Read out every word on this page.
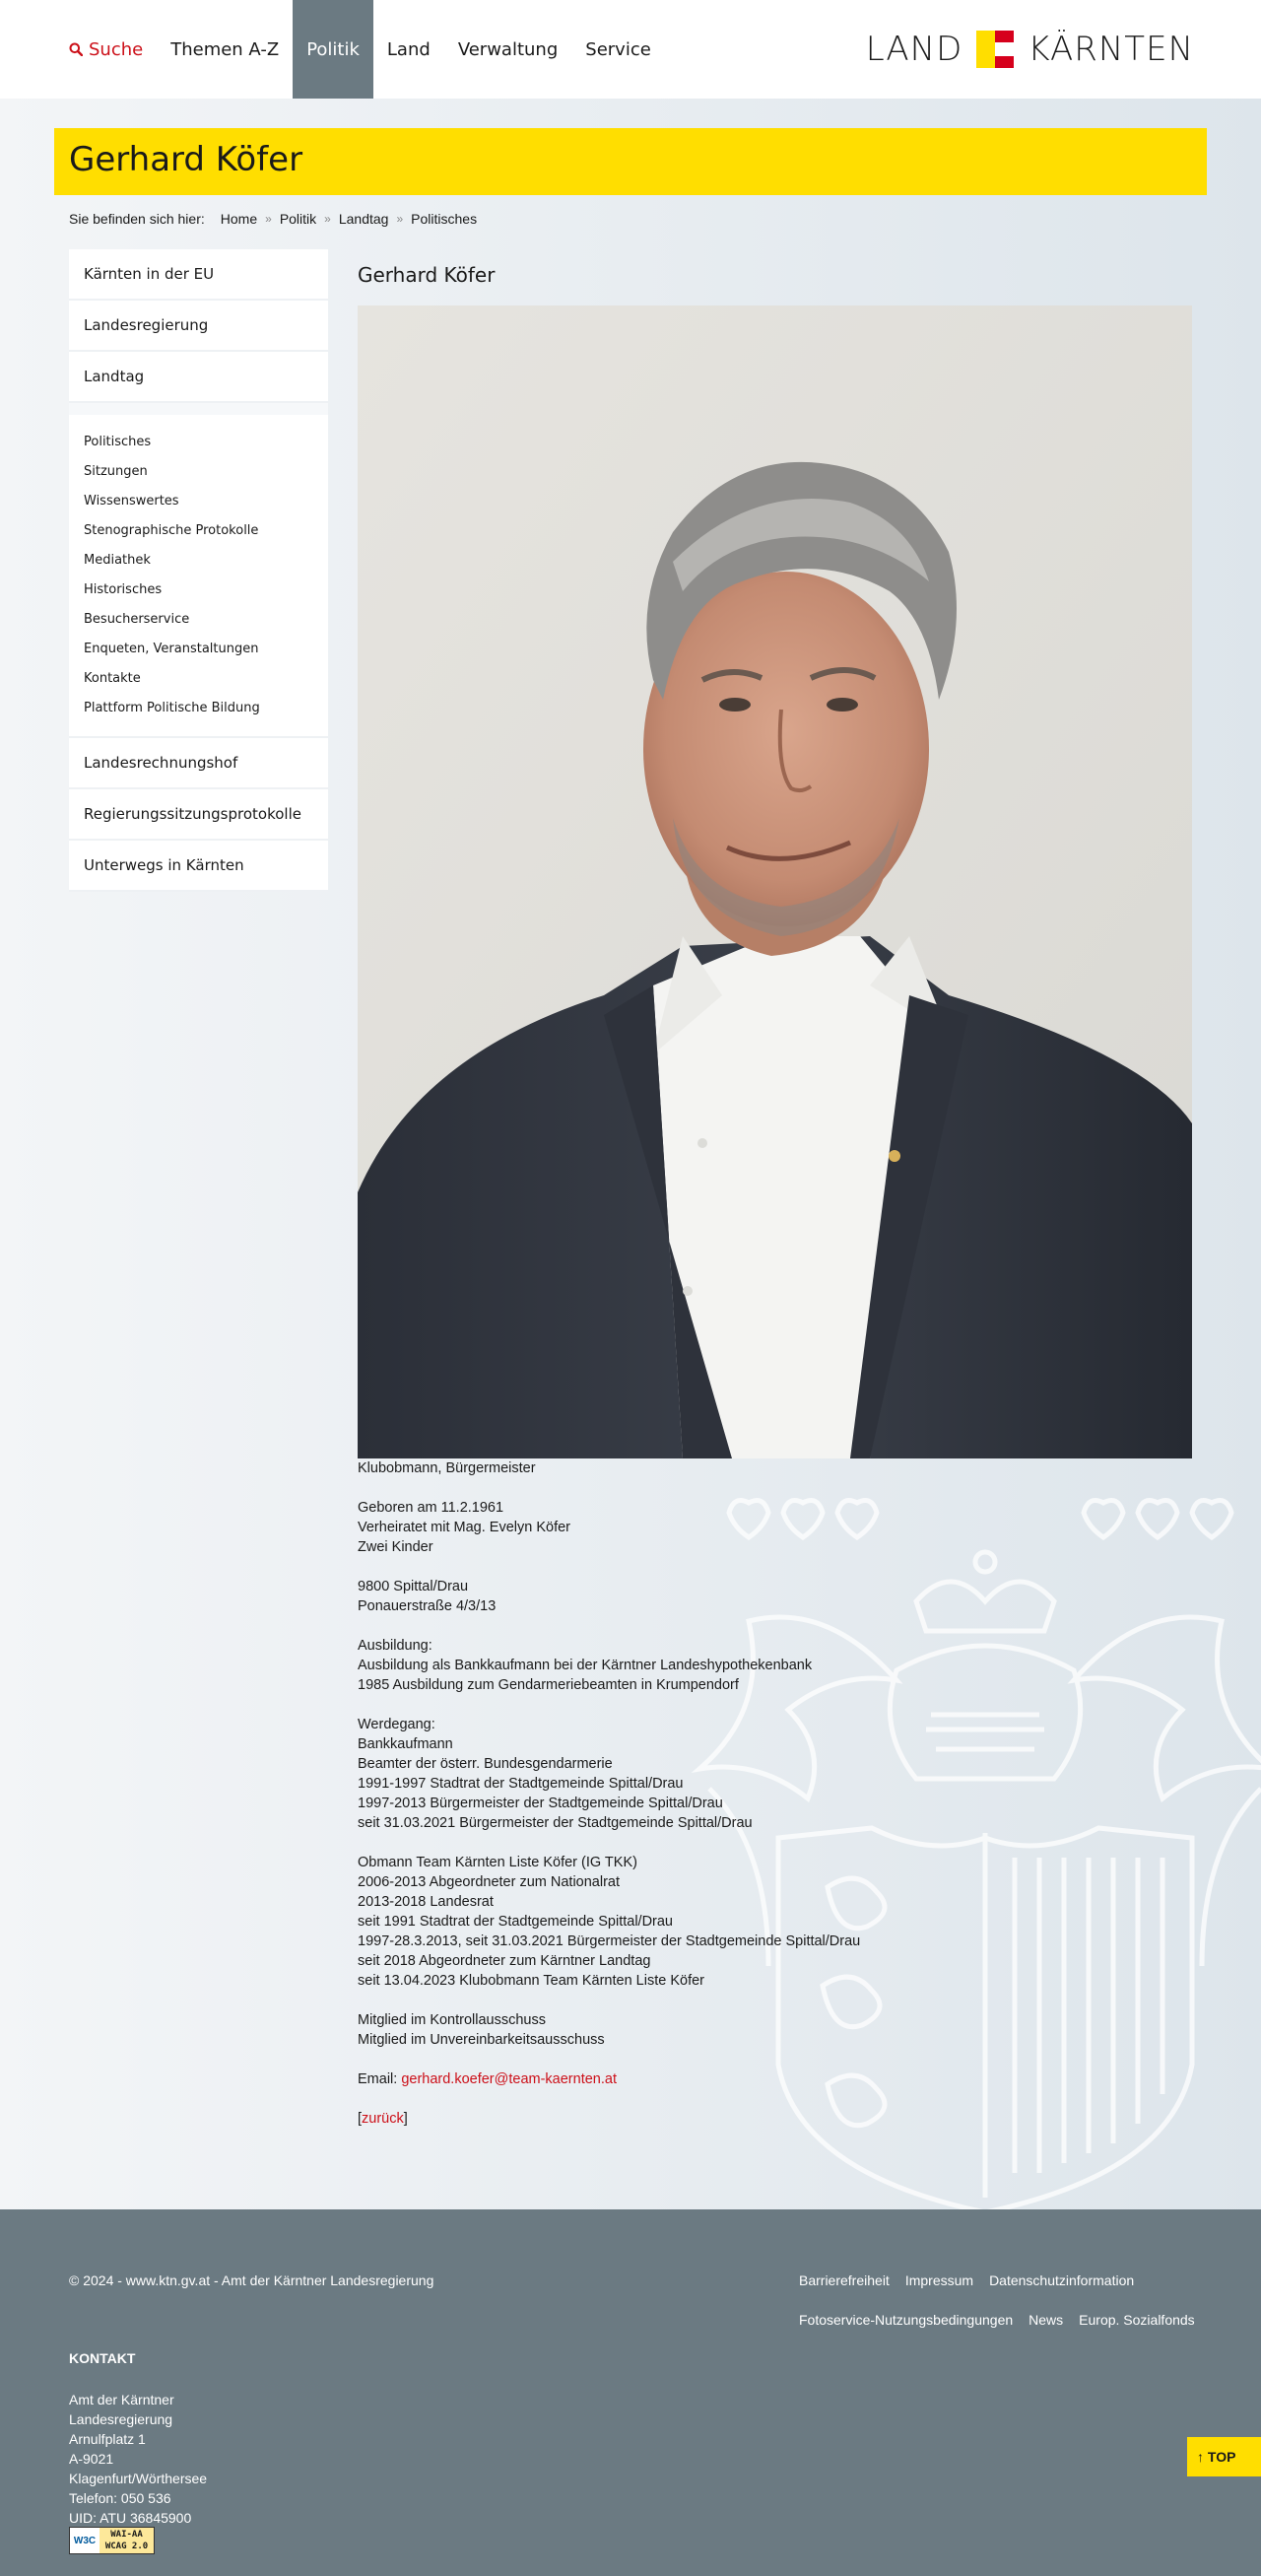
Suche	Themen A-Z	Politik	Land	Verwaltung	Service	LAND KÄRNTEN
Gerhard Köfer
Sie befinden sich hier: Home » Politik » Landtag » Politisches
Kärnten in der EU
Landesregierung
Landtag
Politisches
Sitzungen
Wissenswertes
Stenographische Protokolle
Mediathek
Historisches
Besucherservice
Enqueten, Veranstaltungen
Kontakte
Plattform Politische Bildung
Landesrechnungshof
Regierungssitzungsprotokolle
Unterwegs in Kärnten
Gerhard Köfer

Klubobmann, Bürgermeister

Geboren am 11.2.1961

Verheiratet mit Mag. Evelyn Köfer

Zwei Kinder

9800 Spittal/Drau

Ponauerstraße 4/3/13

Ausbildung:

Ausbildung als Bankkaufmann bei der Kärntner Landeshypothekenbank

1985 Ausbildung zum Gendarmeriebeamten in Krumpendorf

Werdegang:

Bankkaufmann

Beamter der österr. Bundesgendarmerie

1991-1997 Stadtrat der Stadtgemeinde Spittal/Drau

1997-2013 Bürgermeister der Stadtgemeinde Spittal/Drau

seit 31.03.2021 Bürgermeister der Stadtgemeinde Spittal/Drau

Obmann Team Kärnten Liste Köfer (IG TKK)

2006-2013 Abgeordneter zum Nationalrat

2013-2018 Landesrat

seit 1991 Stadtrat der Stadtgemeinde Spittal/Drau

1997-28.3.2013, seit 31.03.2021 Bürgermeister der Stadtgemeinde Spittal/Drau

seit 2018 Abgeordneter zum Kärntner Landtag

seit 13.04.2023 Klubobmann Team Kärnten Liste Köfer

Mitglied im Kontrollausschuss

Mitglied im Unvereinbarkeitsausschuss

Email: gerhard.koefer@team-kaernten.at

[zurück]

© 2024 - www.ktn.gv.at - Amt der Kärntner Landesregierung	Barrierefreiheit Impressum Datenschutzinformation
Fotoservice-Nutzungsbedingungen News Europ. Sozialfonds
KONTAKT
Amt der Kärntner
Landesregierung
Arnulfplatz 1
A-9021
Klagenfurt/Wörthersee
Telefon: 050 536
UID: ATU 36845900
W3C
WAI-AA
WCAG 2.0
↑ TOP
